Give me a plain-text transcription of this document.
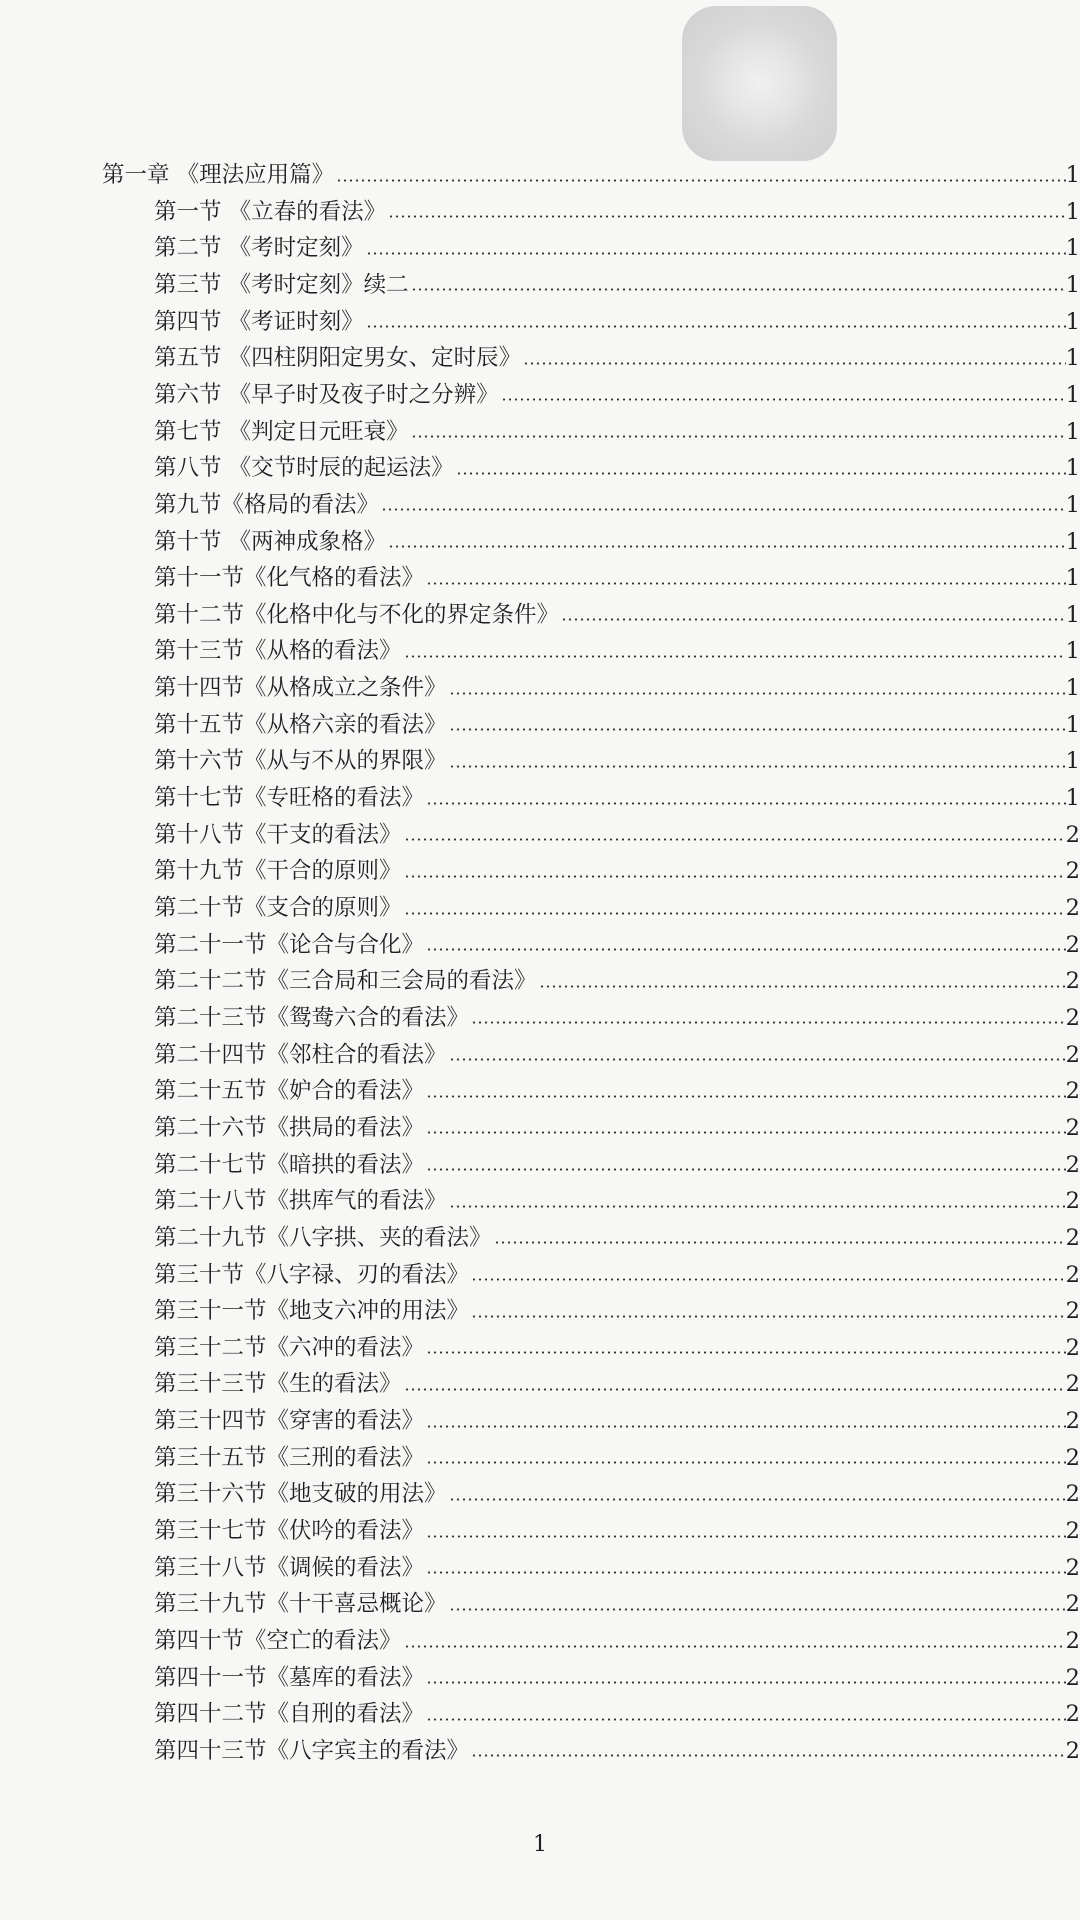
第一章 《理法应用篇》	1
第一节 《立春的看法》	1
第二节 《考时定刻》	1
第三节 《考时定刻》续二	1
第四节 《考证时刻》	1
第五节 《四柱阴阳定男女、定时辰》	1
第六节 《早子时及夜子时之分辨》	1
第七节 《判定日元旺衰》	1
第八节 《交节时辰的起运法》	1
第九节《格局的看法》	1
第十节 《两神成象格》	1
第十一节《化气格的看法》	1
第十二节《化格中化与不化的界定条件》	1
第十三节《从格的看法》	1
第十四节《从格成立之条件》	1
第十五节《从格六亲的看法》	1
第十六节《从与不从的界限》	1
第十七节《专旺格的看法》	1
第十八节《干支的看法》	2
第十九节《干合的原则》	2
第二十节《支合的原则》	2
第二十一节《论合与合化》	2
第二十二节《三合局和三会局的看法》	2
第二十三节《鸳鸯六合的看法》	2
第二十四节《邻柱合的看法》	2
第二十五节《妒合的看法》	2
第二十六节《拱局的看法》	2
第二十七节《暗拱的看法》	2
第二十八节《拱库气的看法》	2
第二十九节《八字拱、夹的看法》	2
第三十节《八字禄、刃的看法》	2
第三十一节《地支六冲的用法》	2
第三十二节《六冲的看法》	2
第三十三节《生的看法》	2
第三十四节《穿害的看法》	2
第三十五节《三刑的看法》	2
第三十六节《地支破的用法》	2
第三十七节《伏吟的看法》	2
第三十八节《调候的看法》	2
第三十九节《十干喜忌概论》	2
第四十节《空亡的看法》	2
第四十一节《墓库的看法》	2
第四十二节《自刑的看法》	2
第四十三节《八字宾主的看法》	2
1
